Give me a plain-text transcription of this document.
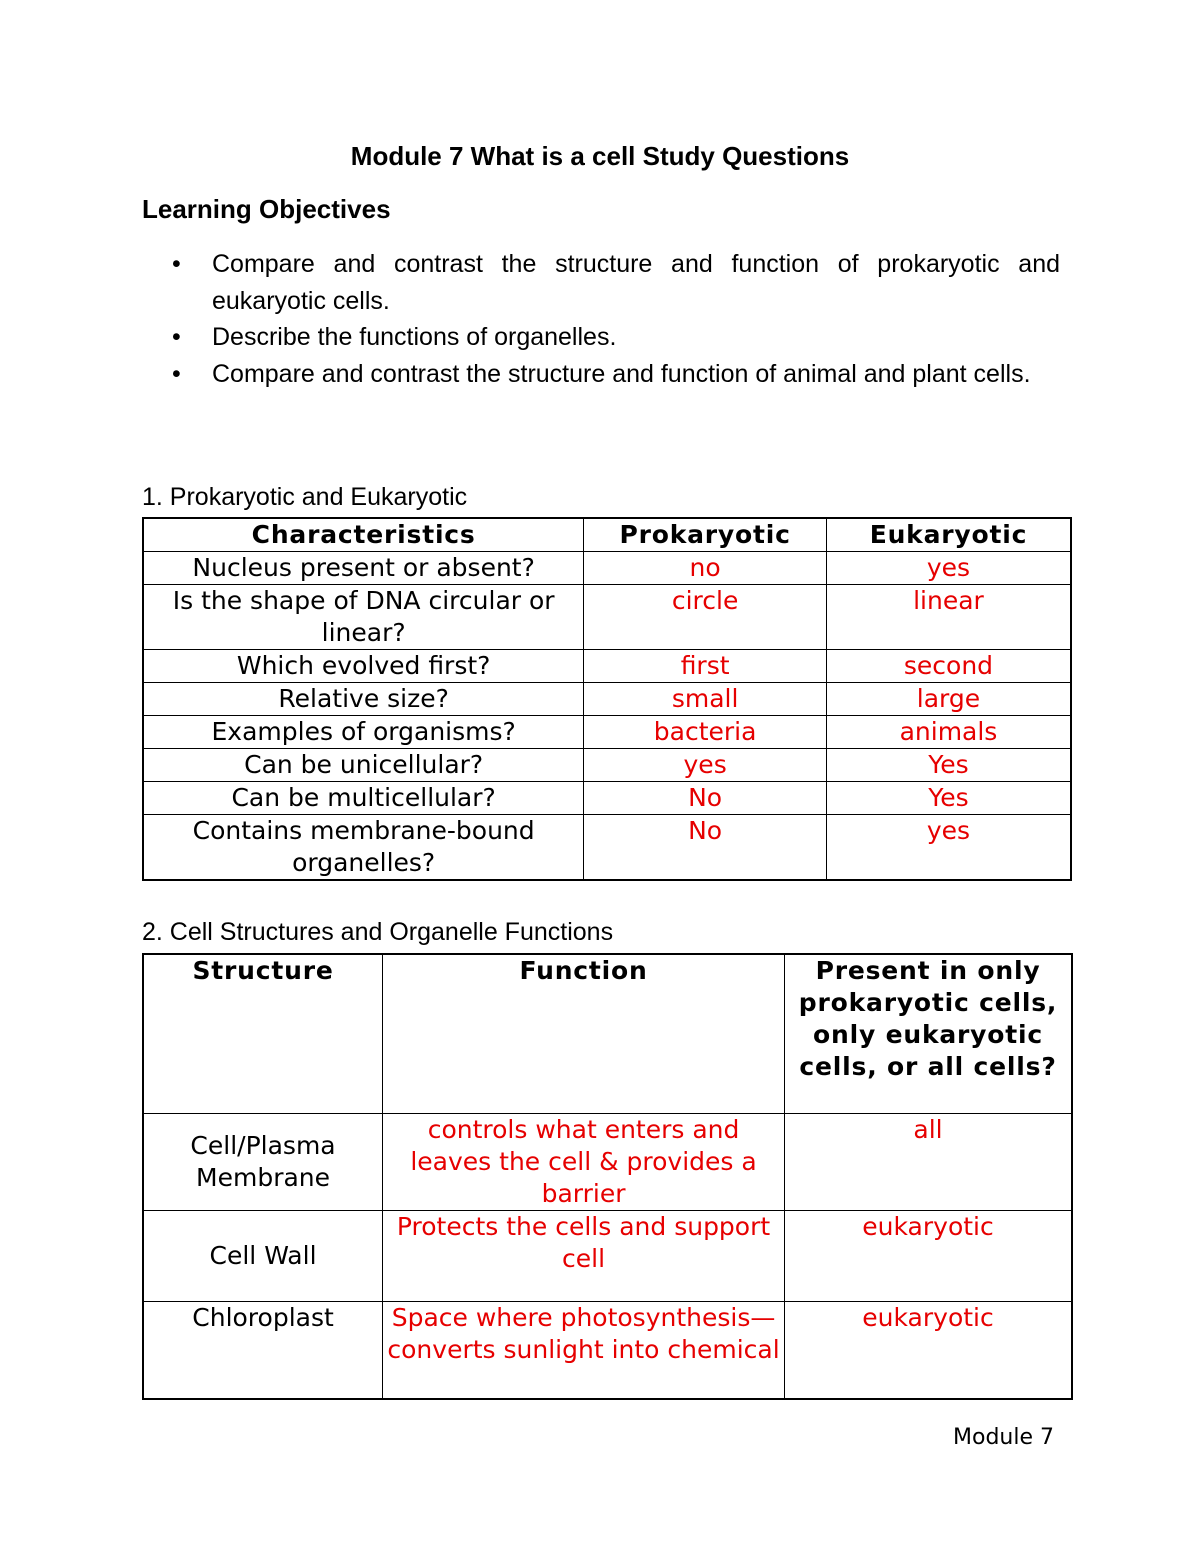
Module 7 What is a cell Study Questions
Learning Objectives
• Compare and contrast the structure and function of prokaryotic and eukaryotic cells.
• Describe the functions of organelles.
• Compare and contrast the structure and function of animal and plant cells.
1. Prokaryotic and Eukaryotic
Characteristics	Prokaryotic	Eukaryotic
Nucleus present or absent?	no	yes
Is the shape of DNA circular or linear?	circle	linear
Which evolved first?	first	second
Relative size?	small	large
Examples of organisms?	bacteria	animals
Can be unicellular?	yes	Yes
Can be multicellular?	No	Yes
Contains membrane-bound organelles?	No	yes
2. Cell Structures and Organelle Functions
Structure	Function	Present in only prokaryotic cells, only eukaryotic cells, or all cells?
Cell/Plasma Membrane	controls what enters and leaves the cell & provides a barrier	all
Cell Wall	Protects the cells and support cell	eukaryotic
Chloroplast	Space where photosynthesis—converts sunlight into chemical	eukaryotic
Module 7
